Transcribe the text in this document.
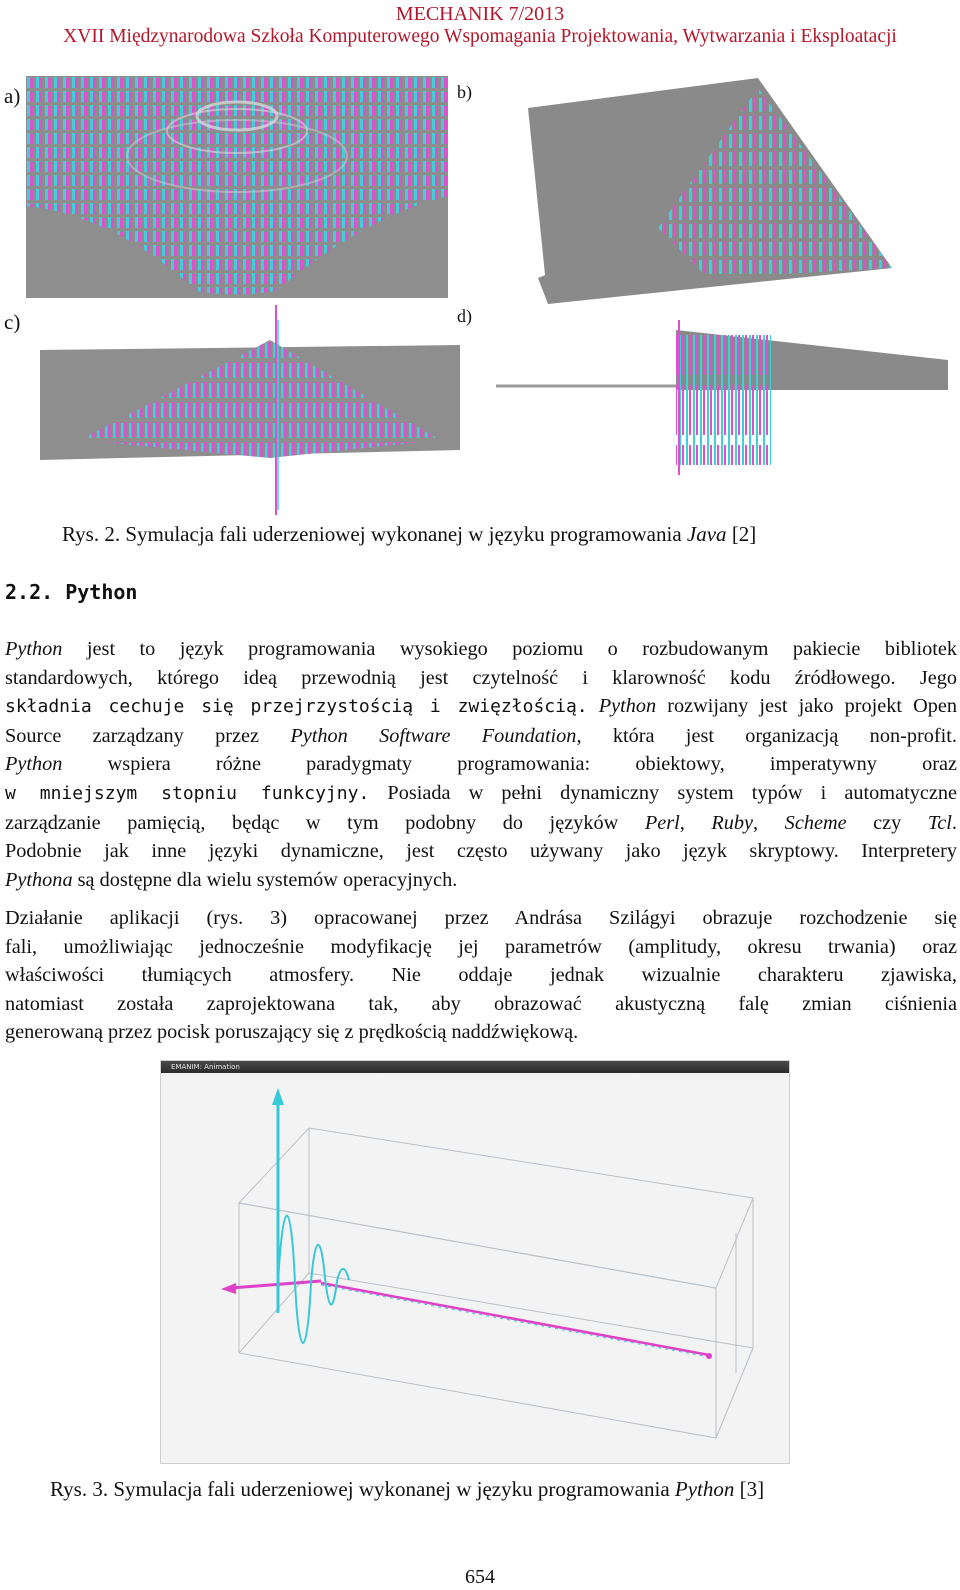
MECHANIK 7/2013
XVII Międzynarodowa Szkoła Komputerowego Wspomagania Projektowania, Wytwarzania i Eksploatacji
a)	b)
c)	d)
Rys. 2. Symulacja fali uderzeniowej wykonanej w języku programowania Java [2]
2.2. Python
Python jest to język programowania wysokiego poziomu o rozbudowanym pakiecie bibliotek
standardowych, którego ideą przewodnią jest czytelność i klarowność kodu źródłowego. Jego
składnia cechuje się przejrzystością i zwięzłością. Python rozwijany jest jako projekt Open
Source zarządzany przez Python Software Foundation, która jest organizacją non-profit.
Python wspiera różne paradygmaty programowania: obiektowy, imperatywny oraz
w mniejszym stopniu funkcyjny. Posiada w pełni dynamiczny system typów i automatyczne
zarządzanie pamięcią, będąc w tym podobny do języków Perl, Ruby, Scheme czy Tcl.
Podobnie jak inne języki dynamiczne, jest często używany jako język skryptowy. Interpretery
Pythona są dostępne dla wielu systemów operacyjnych.
Działanie aplikacji (rys. 3) opracowanej przez Andrása Szilágyi obrazuje rozchodzenie się
fali, umożliwiając jednocześnie modyfikację jej parametrów (amplitudy, okresu trwania) oraz
właściwości tłumiących atmosfery. Nie oddaje jednak wizualnie charakteru zjawiska,
natomiast została zaprojektowana tak, aby obrazować akustyczną falę zmian ciśnienia
generowaną przez pocisk poruszający się z prędkością naddźwiękową.
EMANIM: Animation
Rys. 3. Symulacja fali uderzeniowej wykonanej w języku programowania Python [3]
654
